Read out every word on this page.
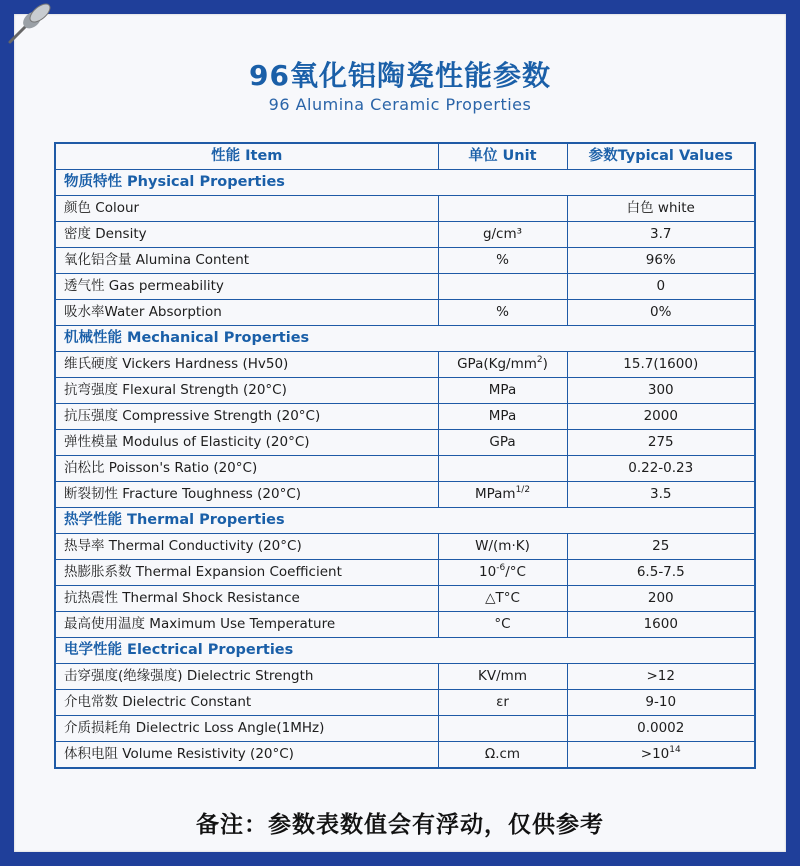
96氧化铝陶瓷性能参数
96 Alumina Ceramic Properties
性能 Item	单位 Unit	参数Typical Values
物质特性 Physical Properties		
颜色 Colour		白色 white
密度 Density	g/cm³	3.7
氧化铝含量 Alumina Content	%	96%
透气性 Gas permeability		0
吸水率Water Absorption	%	0%
机械性能 Mechanical Properties		
维氏硬度 Vickers Hardness (Hv50)	$GPa(Kg/mm^2)$	15.7(1600)
抗弯强度 Flexural Strength (20°C)	MPa	300
抗压强度 Compressive Strength (20°C)	MPa	2000
弹性模量 Modulus of Elasticity (20°C)	GPa	275
泊松比 Poisson's Ratio (20°C)		0.22-0.23
断裂韧性 Fracture Toughness (20°C)	MPam$^{1/2}$	3.5
热学性能 Thermal Properties		
热导率 Thermal Conductivity (20°C)	W/(m·K)	25
热膨胀系数 Thermal Expansion Coefficient	$10^{-6}/^\circ C$	6.5-7.5
抗热震性 Thermal Shock Resistance	△T°C	200
最高使用温度 Maximum Use Temperature	°C	1600
电学性能 Electrical Properties		
击穿强度(绝缘强度) Dielectric Strength	KV/mm	>12
介电常数 Dielectric Constant	εr	9-10
介质损耗角 Dielectric Loss Angle(1MHz)		0.0002
体积电阻 Volume Resistivity (20°C)	Ω.cm	$>10^{14}$
备注：参数表数值会有浮动，仅供参考
